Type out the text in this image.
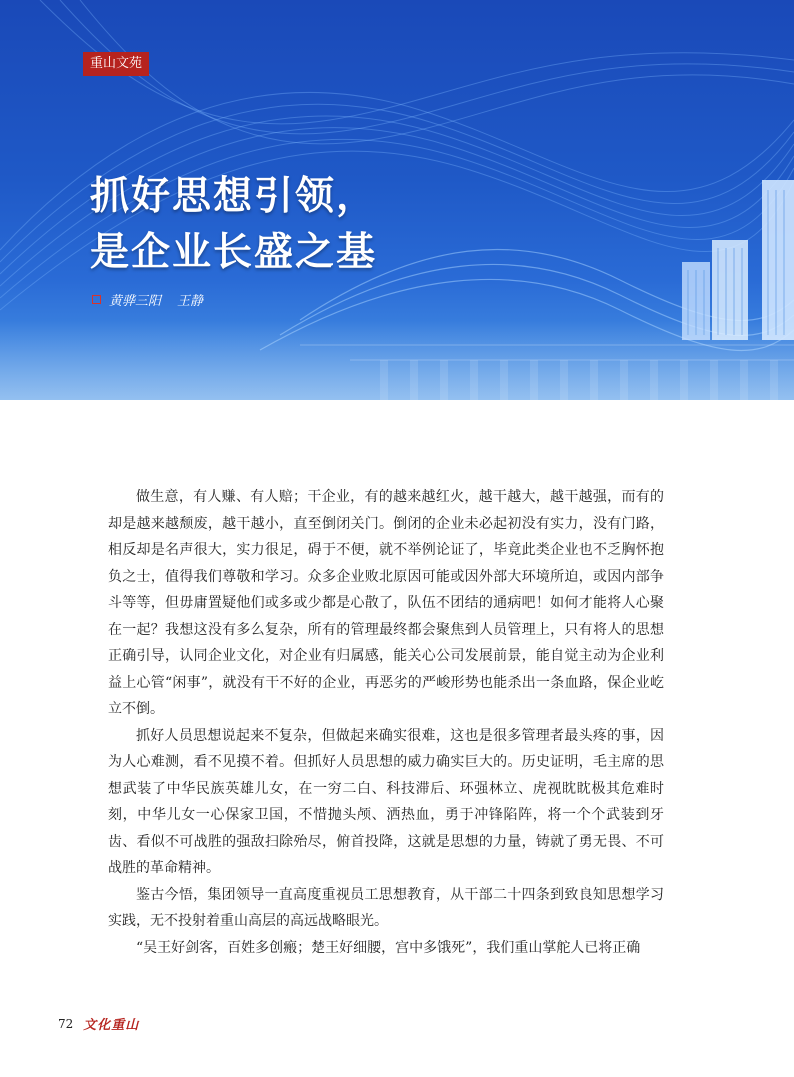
重山文苑
抓好思想引领，
是企业长盛之基
黄骅三阳 王静

做生意，有人赚、有人赔；干企业，有的越来越红火，越干越大，越干越强，而有的却是越来越颓废，越干越小，直至倒闭关门。倒闭的企业未必起初没有实力，没有门路，相反却是名声很大，实力很足，碍于不便，就不举例论证了，毕竟此类企业也不乏胸怀抱负之士，值得我们尊敬和学习。众多企业败北原因可能或因外部大环境所迫，或因内部争斗等等，但毋庸置疑他们或多或少都是心散了，队伍不团结的通病吧！如何才能将人心聚在一起？我想这没有多么复杂，所有的管理最终都会聚焦到人员管理上，只有将人的思想正确引导，认同企业文化，对企业有归属感，能关心公司发展前景，能自觉主动为企业利益上心管“闲事”，就没有干不好的企业，再恶劣的严峻形势也能杀出一条血路，保企业屹立不倒。

抓好人员思想说起来不复杂，但做起来确实很难，这也是很多管理者最头疼的事，因为人心难测，看不见摸不着。但抓好人员思想的威力确实巨大的。历史证明，毛主席的思想武装了中华民族英雄儿女，在一穷二白、科技滞后、环强林立、虎视眈眈极其危难时刻，中华儿女一心保家卫国，不惜抛头颅、洒热血，勇于冲锋陷阵，将一个个武装到牙齿、看似不可战胜的强敌扫除殆尽，俯首投降，这就是思想的力量，铸就了勇无畏、不可战胜的革命精神。

鉴古今悟，集团领导一直高度重视员工思想教育，从干部二十四条到致良知思想学习实践，无不投射着重山高层的高远战略眼光。

“吴王好剑客，百姓多创瘢；楚王好细腰，宫中多饿死”，我们重山掌舵人已将正确

72 文化重山
